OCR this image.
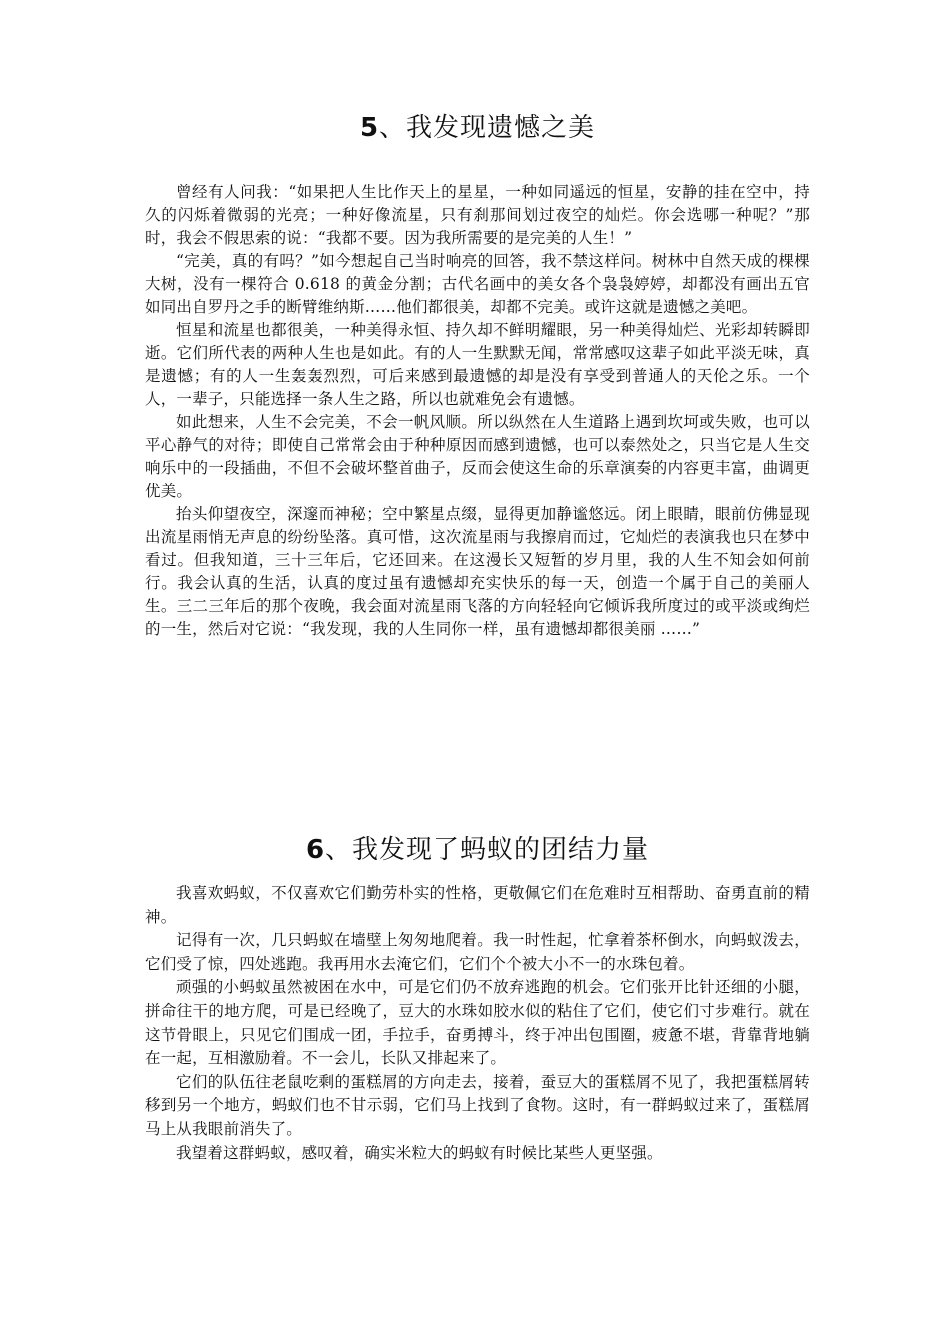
5、我发现遗憾之美

曾经有人问我：“如果把人生比作天上的星星，一种如同遥远的恒星，安静的挂在空中，持久的闪烁着微弱的光亮；一种好像流星，只有刹那间划过夜空的灿烂。你会选哪一种呢？”那时，我会不假思索的说：“我都不要。因为我所需要的是完美的人生！”

“完美，真的有吗？”如今想起自己当时响亮的回答，我不禁这样问。树林中自然天成的棵棵大树，没有一棵符合 0.618 的黄金分割；古代名画中的美女各个袅袅婷婷，却都没有画出五官如同出自罗丹之手的断臂维纳斯……他们都很美，却都不完美。或许这就是遗憾之美吧。

恒星和流星也都很美，一种美得永恒、持久却不鲜明耀眼，另一种美得灿烂、光彩却转瞬即逝。它们所代表的两种人生也是如此。有的人一生默默无闻，常常感叹这辈子如此平淡无味，真是遗憾；有的人一生轰轰烈烈，可后来感到最遗憾的却是没有享受到普通人的天伦之乐。一个人，一辈子，只能选择一条人生之路，所以也就难免会有遗憾。

如此想来，人生不会完美，不会一帆风顺。所以纵然在人生道路上遇到坎坷或失败，也可以平心静气的对待；即使自己常常会由于种种原因而感到遗憾，也可以泰然处之，只当它是人生交响乐中的一段插曲，不但不会破坏整首曲子，反而会使这生命的乐章演奏的内容更丰富，曲调更优美。

抬头仰望夜空，深邃而神秘；空中繁星点缀，显得更加静谧悠远。闭上眼睛，眼前仿佛显现出流星雨悄无声息的纷纷坠落。真可惜，这次流星雨与我擦肩而过，它灿烂的表演我也只在梦中看过。但我知道，三十三年后，它还回来。在这漫长又短暂的岁月里，我的人生不知会如何前行。我会认真的生活，认真的度过虽有遗憾却充实快乐的每一天，创造一个属于自己的美丽人生。三二三年后的那个夜晚，我会面对流星雨飞落的方向轻轻向它倾诉我所度过的或平淡或绚烂的一生，然后对它说：“我发现，我的人生同你一样，虽有遗憾却都很美丽 ……”

6、我发现了蚂蚁的团结力量

我喜欢蚂蚁，不仅喜欢它们勤劳朴实的性格，更敬佩它们在危难时互相帮助、奋勇直前的精神。

记得有一次，几只蚂蚁在墙壁上匆匆地爬着。我一时性起，忙拿着茶杯倒水，向蚂蚁泼去，它们受了惊，四处逃跑。我再用水去淹它们，它们个个被大小不一的水珠包着。

顽强的小蚂蚁虽然被困在水中，可是它们仍不放弃逃跑的机会。它们张开比针还细的小腿，拼命往干的地方爬，可是已经晚了，豆大的水珠如胶水似的粘住了它们，使它们寸步难行。就在这节骨眼上，只见它们围成一团，手拉手，奋勇搏斗，终于冲出包围圈，疲惫不堪，背靠背地躺在一起，互相激励着。不一会儿，长队又排起来了。

它们的队伍往老鼠吃剩的蛋糕屑的方向走去，接着，蚕豆大的蛋糕屑不见了，我把蛋糕屑转移到另一个地方，蚂蚁们也不甘示弱，它们马上找到了食物。这时，有一群蚂蚁过来了，蛋糕屑马上从我眼前消失了。

我望着这群蚂蚁，感叹着，确实米粒大的蚂蚁有时候比某些人更坚强。
